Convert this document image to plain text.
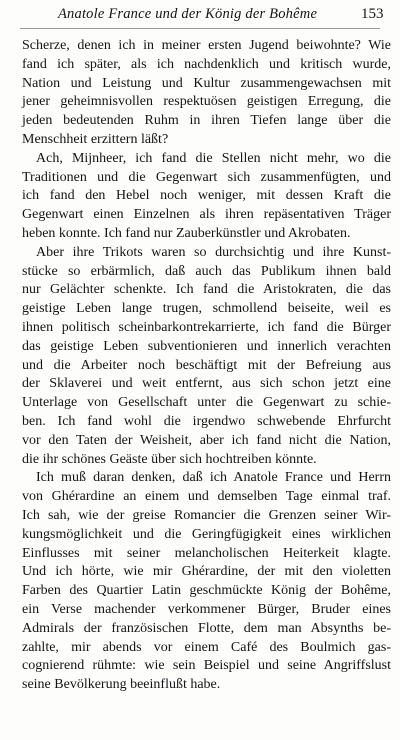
Anatole France und der König der Bohême	153
Scherze, denen ich in meiner ersten Jugend beiwohnte? Wie
fand ich später, als ich nachdenklich und kritisch wurde,
Nation und Leistung und Kultur zusammengewachsen mit
jener geheimnisvollen respektuösen geistigen Erregung, die
jeden bedeutenden Ruhm in ihren Tiefen lange über die
Menschheit erzittern läßt?
Ach, Mijnheer, ich fand die Stellen nicht mehr, wo die
Traditionen und die Gegenwart sich zusammenfügten, und
ich fand den Hebel noch weniger, mit dessen Kraft die
Gegenwart einen Einzelnen als ihren repäsentativen Träger
heben konnte. Ich fand nur Zauberkünstler und Akrobaten.
Aber ihre Trikots waren so durchsichtig und ihre Kunst-
stücke so erbärmlich, daß auch das Publikum ihnen bald
nur Gelächter schenkte. Ich fand die Aristokraten, die das
geistige Leben lange trugen, schmollend beiseite, weil es
ihnen politisch scheinbarkontrekarrierte, ich fand die Bürger
das geistige Leben subventionieren und innerlich verachten
und die Arbeiter noch beschäftigt mit der Befreiung aus
der Sklaverei und weit entfernt, aus sich schon jetzt eine
Unterlage von Gesellschaft unter die Gegenwart zu schie-
ben. Ich fand wohl die irgendwo schwebende Ehrfurcht
vor den Taten der Weisheit, aber ich fand nicht die Nation,
die ihr schönes Geäste über sich hochtreiben könnte.
Ich muß daran denken, daß ich Anatole France und Herrn
von Ghérardine an einem und demselben Tage einmal traf.
Ich sah, wie der greise Romancier die Grenzen seiner Wir-
kungsmöglichkeit und die Geringfügigkeit eines wirklichen
Einflusses mit seiner melancholischen Heiterkeit klagte.
Und ich hörte, wie mir Ghérardine, der mit den violetten
Farben des Quartier Latin geschmückte König der Bohême,
ein Verse machender verkommener Bürger, Bruder eines
Admirals der französischen Flotte, dem man Absynths be-
zahlte, mir abends vor einem Café des Boulmich gas-
cognierend rühmte: wie sein Beispiel und seine Angriffslust
seine Bevölkerung beeinflußt habe.
